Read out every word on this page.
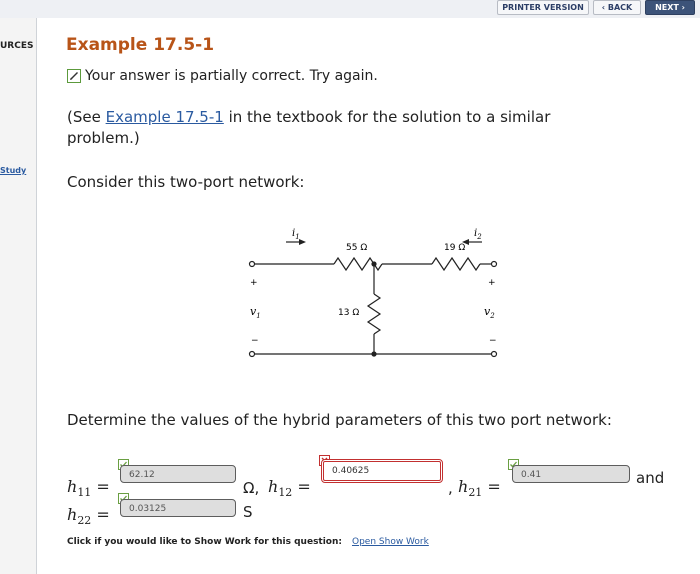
PRINTER VERSION	‹ BACK	NEXT ›
URCES
Study
Example 17.5-1
Your answer is partially correct. Try again.
(See Example 17.5-1 in the textbook for the solution to a similar problem.)
Consider this two-port network:
$i_1$	$i_2$
55 Ω	19 Ω
13 Ω
+
−
+
−
$v_1$	$v_2$
Determine the values of the hybrid parameters of this two port network:
$h_{11}$ =
62.12
Ω, $h_{12}$ =
0.40625
, $h_{21}$ =
0.41	and
$h_{22}$ =	0.03125	S
Click if you would like to Show Work for this question: Open Show Work
